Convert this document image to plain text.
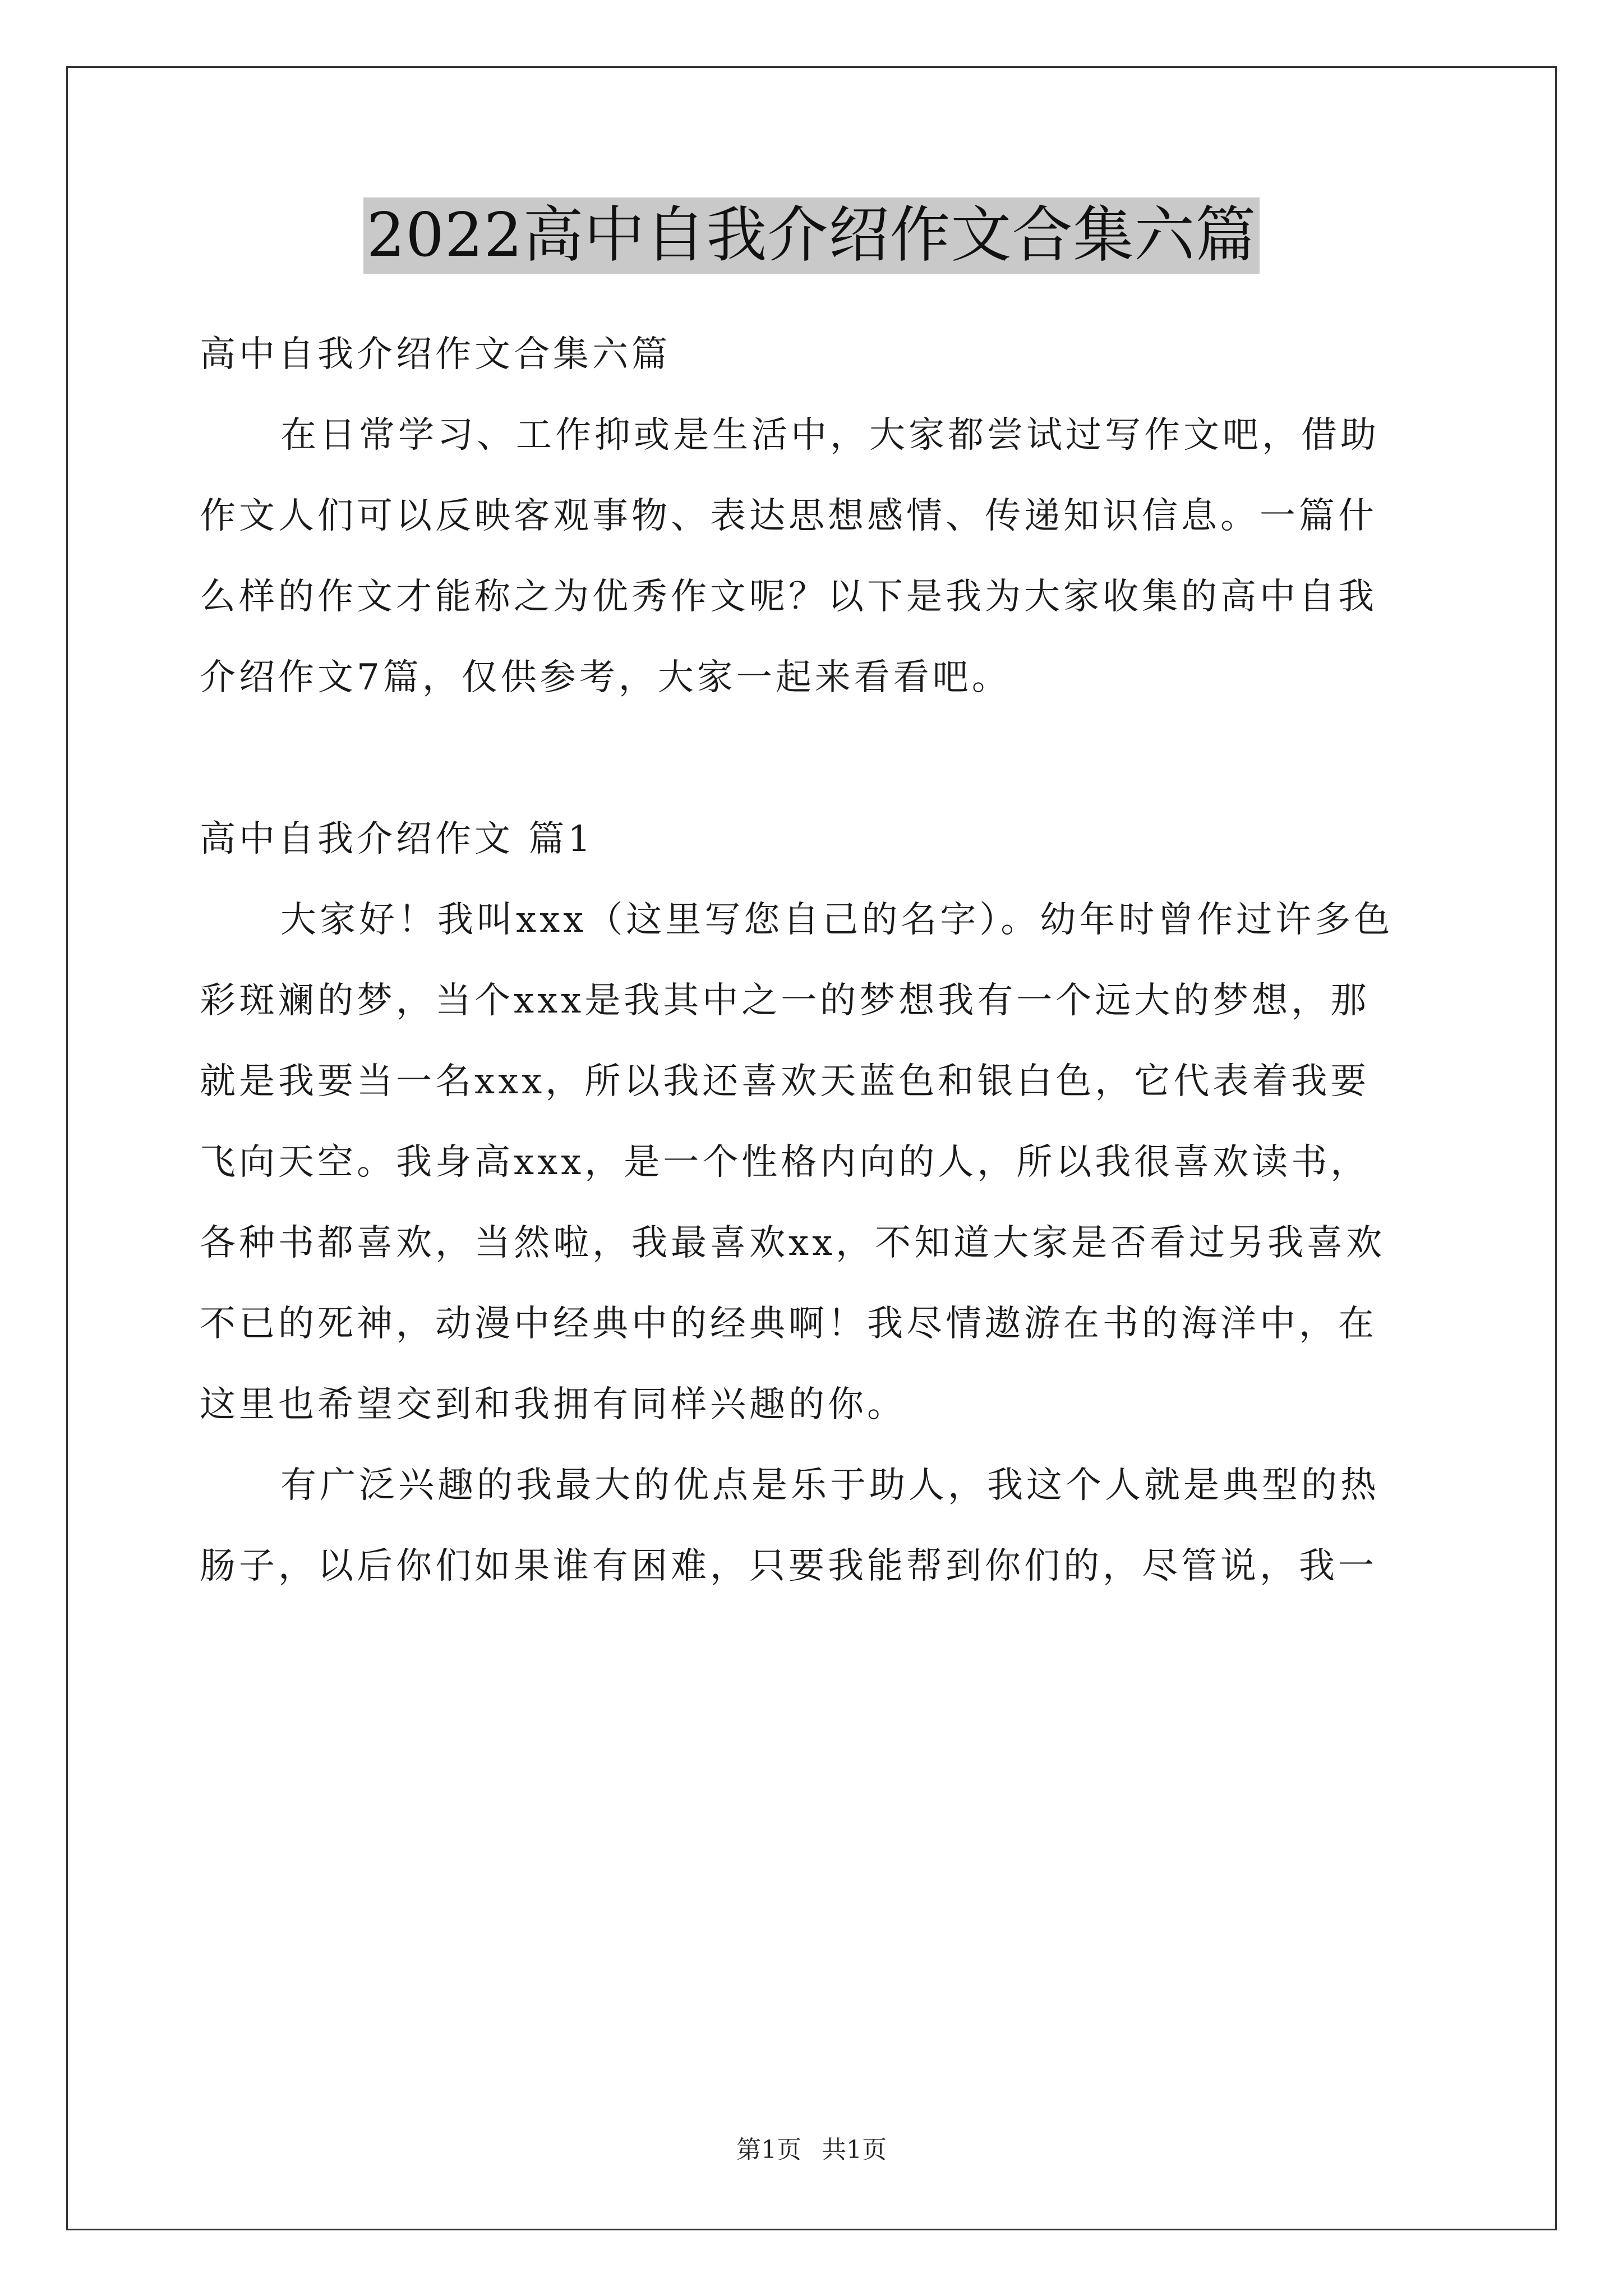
2022高中自我介绍作文合集六篇
高中自我介绍作文合集六篇
在日常学习、工作抑或是生活中，大家都尝试过写作文吧，借助
作文人们可以反映客观事物、表达思想感情、传递知识信息。一篇什
么样的作文才能称之为优秀作文呢？以下是我为大家收集的高中自我
介绍作文7篇，仅供参考，大家一起来看看吧。
高中自我介绍作文 篇1
大家好！我叫xxx（这里写您自己的名字）。幼年时曾作过许多色
彩斑斓的梦，当个xxx是我其中之一的梦想我有一个远大的梦想，那
就是我要当一名xxx，所以我还喜欢天蓝色和银白色，它代表着我要
飞向天空。我身高xxx，是一个性格内向的人，所以我很喜欢读书，
各种书都喜欢，当然啦，我最喜欢xx，不知道大家是否看过另我喜欢
不已的死神，动漫中经典中的经典啊！我尽情遨游在书的海洋中，在
这里也希望交到和我拥有同样兴趣的你。
有广泛兴趣的我最大的优点是乐于助人，我这个人就是典型的热
肠子，以后你们如果谁有困难，只要我能帮到你们的，尽管说，我一
第1页 共1页
